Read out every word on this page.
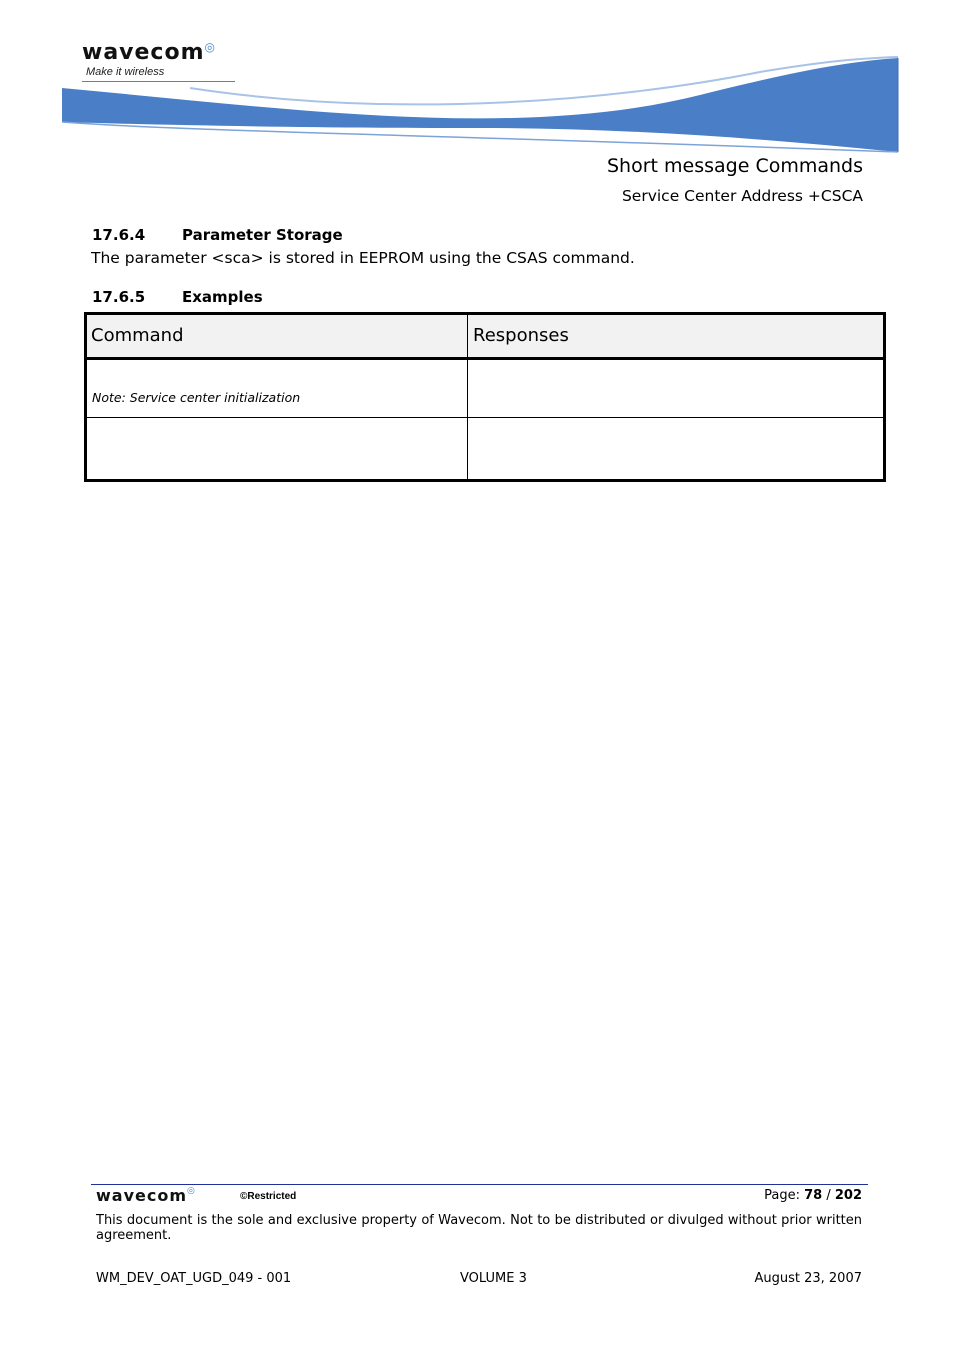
wavecom◎
Make it wireless
Short message Commands
Service Center Address +CSCA
17.6.4 Parameter Storage
The parameter <sca> is stored in EEPROM using the CSAS command.
17.6.5 Examples
Command	Responses
Note: Service center initialization
wavecom◎	©Restricted	Page: 78 / 202
This document is the sole and exclusive property of Wavecom. Not to be distributed or divulged without prior written agreement.
WM_DEV_OAT_UGD_049 - 001	VOLUME 3	August 23, 2007
